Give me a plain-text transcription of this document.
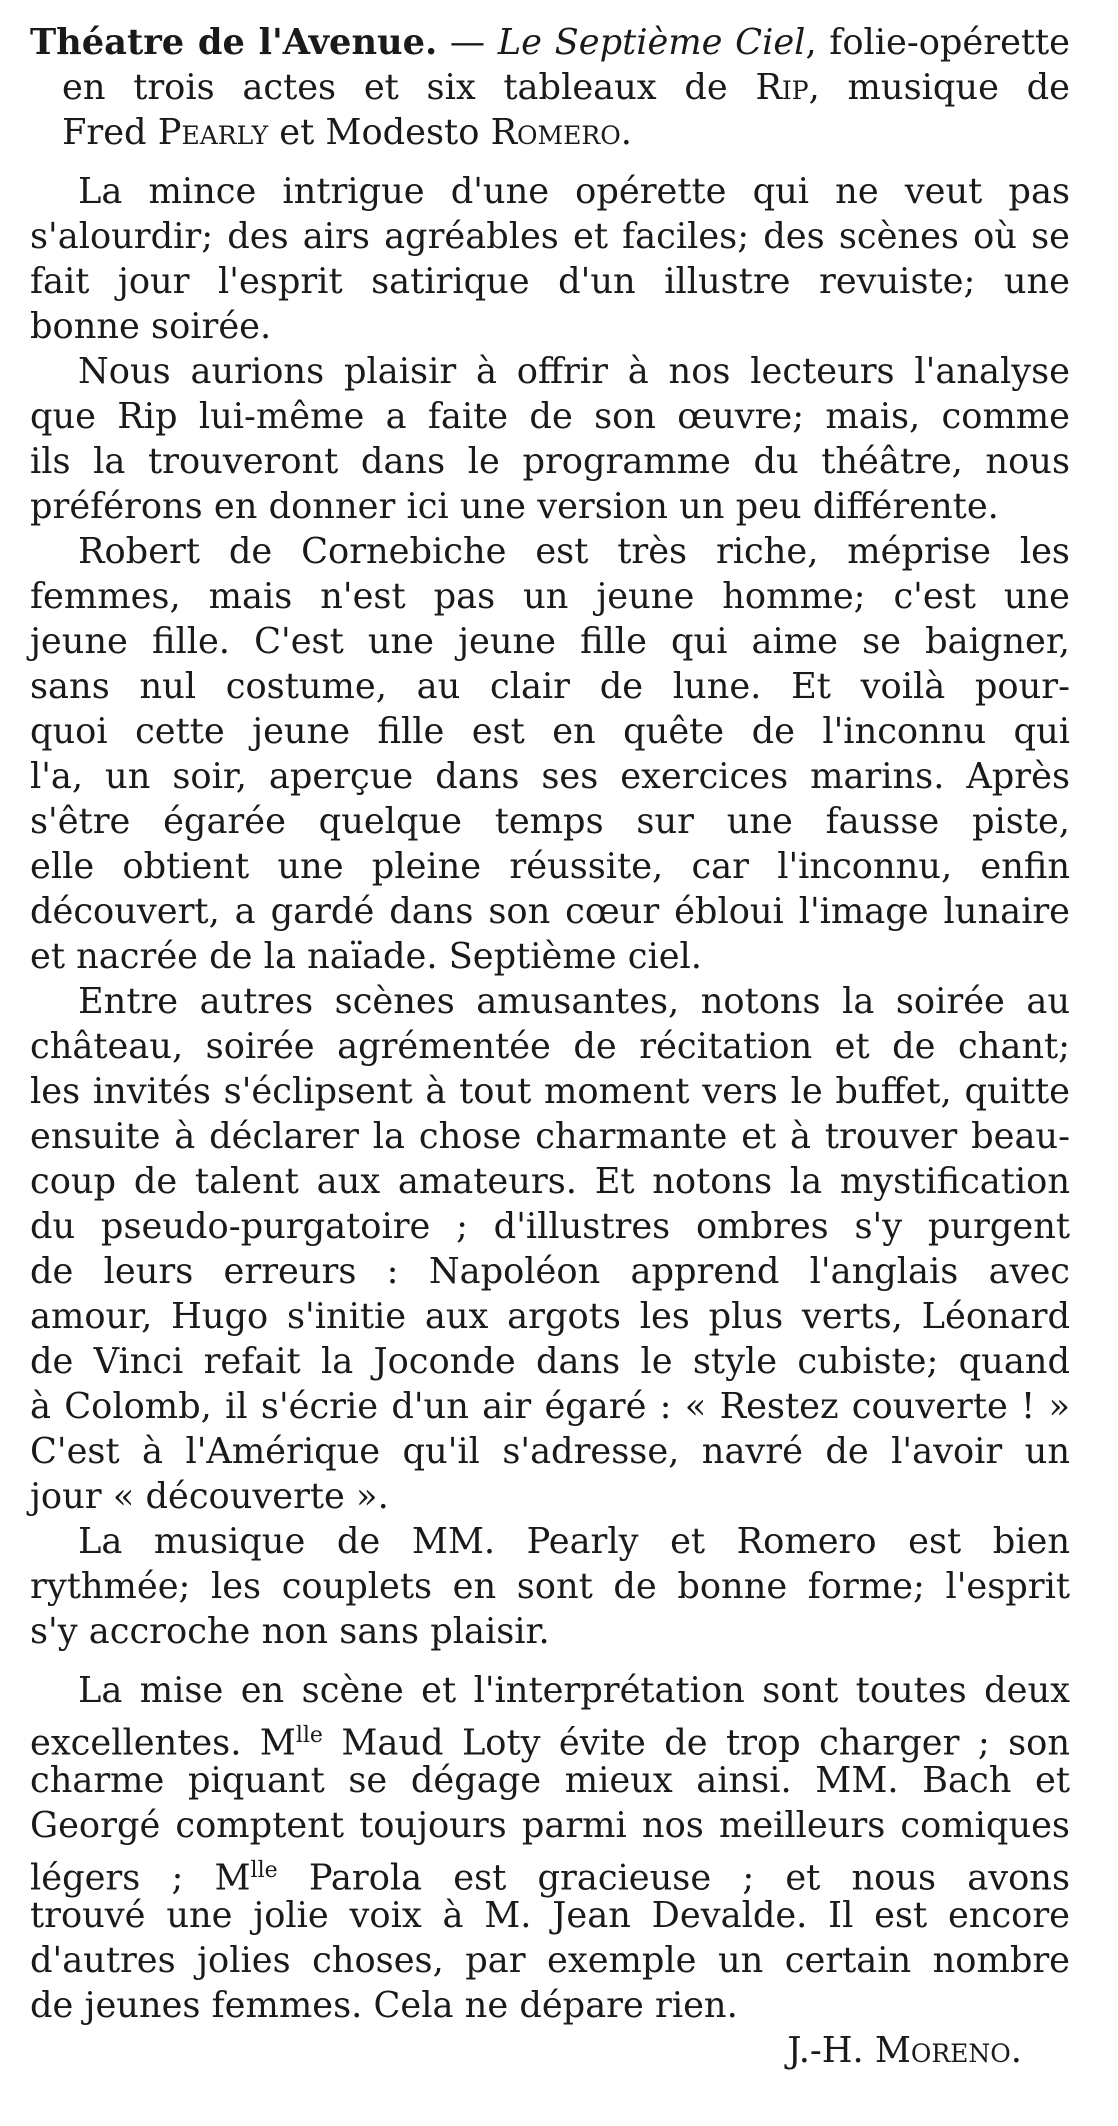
Théatre de l'Avenue. — Le Septième Ciel, folie-opérette
en trois actes et six tableaux de Rip, musique de
Fred Pearly et Modesto Romero.
La mince intrigue d'une opérette qui ne veut pas
s'alourdir; des airs agréables et faciles; des scènes où se
fait jour l'esprit satirique d'un illustre revuiste; une
bonne soirée.
Nous aurions plaisir à offrir à nos lecteurs l'analyse
que Rip lui-même a faite de son œuvre; mais, comme
ils la trouveront dans le programme du théâtre, nous
préférons en donner ici une version un peu différente.
Robert de Cornebiche est très riche, méprise les
femmes, mais n'est pas un jeune homme; c'est une
jeune fille. C'est une jeune fille qui aime se baigner,
sans nul costume, au clair de lune. Et voilà pour-
quoi cette jeune fille est en quête de l'inconnu qui
l'a, un soir, aperçue dans ses exercices marins. Après
s'être égarée quelque temps sur une fausse piste,
elle obtient une pleine réussite, car l'inconnu, enfin
découvert, a gardé dans son cœur ébloui l'image lunaire
et nacrée de la naïade. Septième ciel.
Entre autres scènes amusantes, notons la soirée au
château, soirée agrémentée de récitation et de chant;
les invités s'éclipsent à tout moment vers le buffet, quitte
ensuite à déclarer la chose charmante et à trouver beau-
coup de talent aux amateurs. Et notons la mystification
du pseudo-purgatoire ; d'illustres ombres s'y purgent
de leurs erreurs : Napoléon apprend l'anglais avec
amour, Hugo s'initie aux argots les plus verts, Léonard
de Vinci refait la Joconde dans le style cubiste; quand
à Colomb, il s'écrie d'un air égaré : « Restez couverte ! »
C'est à l'Amérique qu'il s'adresse, navré de l'avoir un
jour « découverte ».
La musique de MM. Pearly et Romero est bien
rythmée; les couplets en sont de bonne forme; l'esprit
s'y accroche non sans plaisir.
La mise en scène et l'interprétation sont toutes deux
excellentes. $M^{lle}$ Maud Loty évite de trop charger ; son
charme piquant se dégage mieux ainsi. MM. Bach et
Georgé comptent toujours parmi nos meilleurs comiques
légers ; $M^{lle}$ Parola est gracieuse ; et nous avons
trouvé une jolie voix à M. Jean Devalde. Il est encore
d'autres jolies choses, par exemple un certain nombre
de jeunes femmes. Cela ne dépare rien.
J.-H. Moreno.
